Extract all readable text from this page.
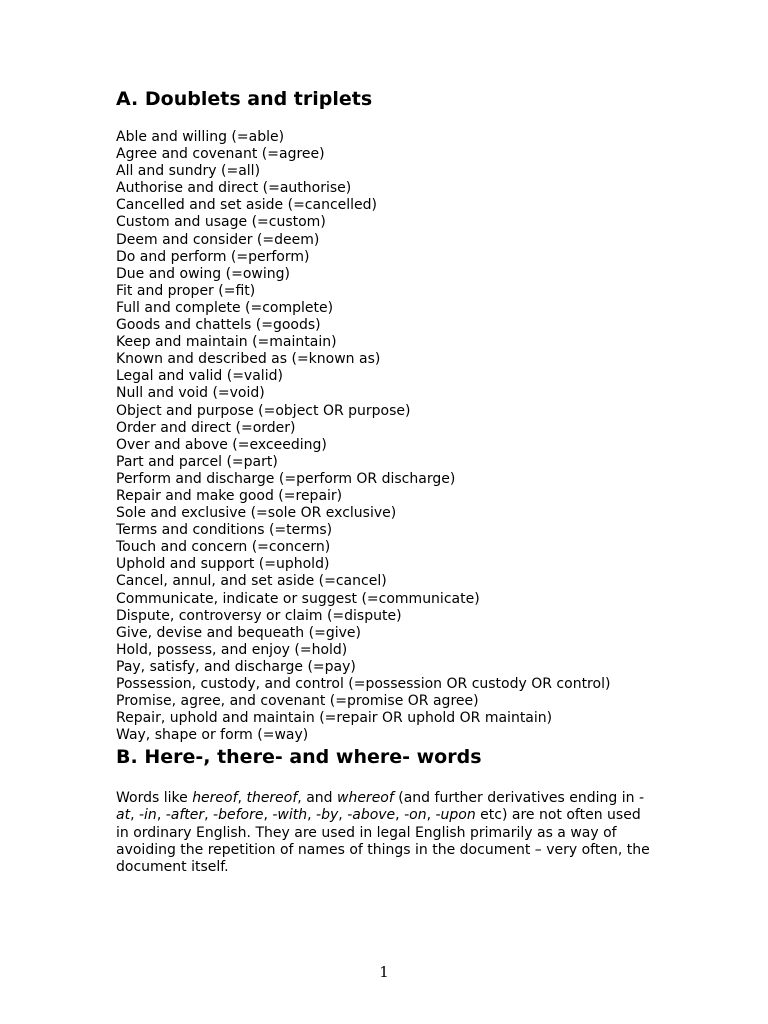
A. Doublets and triplets
Able and willing (=able)
Agree and covenant (=agree)
All and sundry (=all)
Authorise and direct (=authorise)
Cancelled and set aside (=cancelled)
Custom and usage (=custom)
Deem and consider (=deem)
Do and perform (=perform)
Due and owing (=owing)
Fit and proper (=fit)
Full and complete (=complete)
Goods and chattels (=goods)
Keep and maintain (=maintain)
Known and described as (=known as)
Legal and valid (=valid)
Null and void (=void)
Object and purpose (=object OR purpose)
Order and direct (=order)
Over and above (=exceeding)
Part and parcel (=part)
Perform and discharge (=perform OR discharge)
Repair and make good (=repair)
Sole and exclusive (=sole OR exclusive)
Terms and conditions (=terms)
Touch and concern (=concern)
Uphold and support (=uphold)
Cancel, annul, and set aside (=cancel)
Communicate, indicate or suggest (=communicate)
Dispute, controversy or claim (=dispute)
Give, devise and bequeath (=give)
Hold, possess, and enjoy (=hold)
Pay, satisfy, and discharge (=pay)
Possession, custody, and control (=possession OR custody OR control)
Promise, agree, and covenant (=promise OR agree)
Repair, uphold and maintain (=repair OR uphold OR maintain)
Way, shape or form (=way)
B. Here-, there- and where- words

Words like hereof, thereof, and whereof (and further derivatives ending in -at, -in, -after, -before, -with, -by, -above, -on, -upon etc) are not often used in ordinary English. They are used in legal English primarily as a way of avoiding the repetition of names of things in the document – very often, the document itself.

1
